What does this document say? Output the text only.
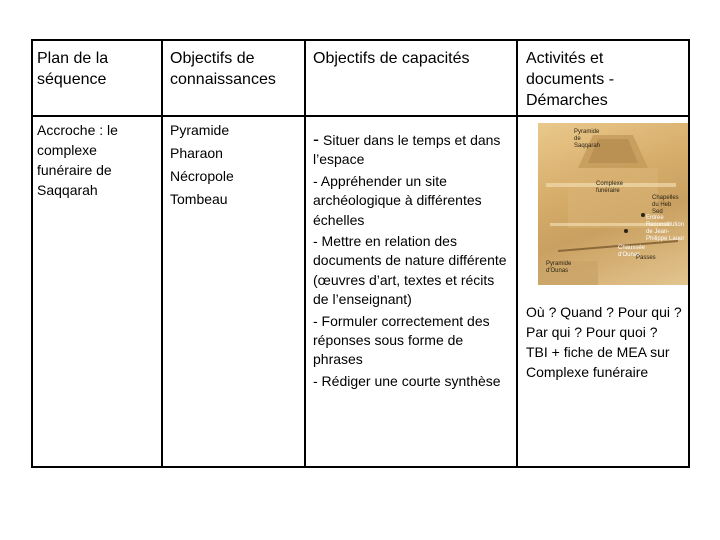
Plan de la séquence
Objectifs de connaissances
Objectifs de capacités	Activités et documents - Démarches
Accroche : le complexe funéraire de Saqqarah
Pyramide
Pharaon
Nécropole
Tombeau
- Situer dans le temps et dans l’espace
- Appréhender un site archéologique à différentes échelles
- Mettre en relation des documents de nature différente (œuvres d’art, textes et récits de l’enseignant)
- Formuler correctement des réponses sous forme de phrases
- Rédiger une courte synthèse
Pyramide de Saqqarah
Complexe funéraire
Chapelles du Heb Sed
Entrée Reconstitution de Jean-Philippe Lauer
Chaussée d'Ounas
Passes
Pyramide d'Ounas
Où ? Quand ? Pour qui ? Par qui ? Pour quoi ?
TBI + fiche de MEA sur Complexe funéraire
